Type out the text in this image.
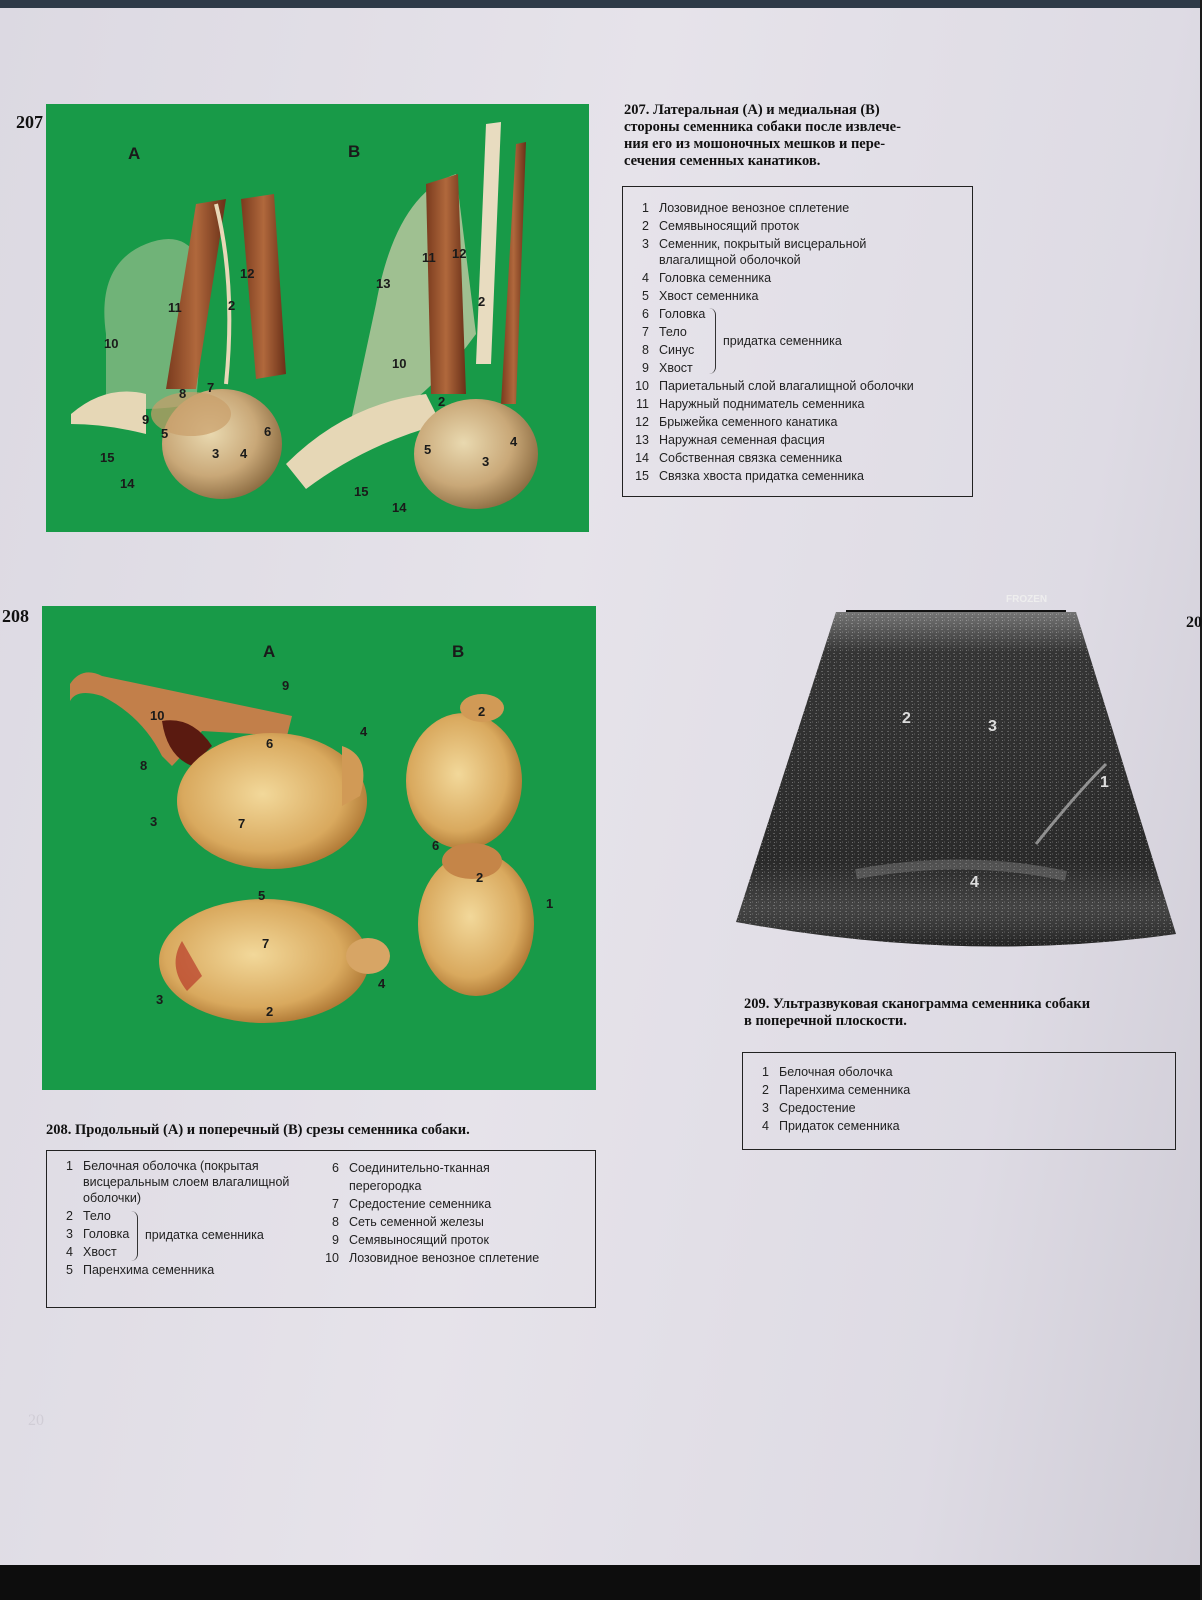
207
A	B
10
11	2
12
8 7
9
5	6
3 4
15
14
13
11 12
2
10
2
5
3
4
15
14
207. Латеральная (А) и медиальная (В)
стороны семенника собаки после извлече-
ния его из мошоночных мешков и пере-
сечения семенных канатиков.
1 Лозовидное венозное сплетение
2 Семявыносящий проток
3 Семенник, покрытый висцеральной
влагалищной оболочкой
4 Головка семенника
5 Хвост семенника
6 Головка
7 Тело
8 Синус
9 Хвост
придатка семенника
10 Париетальный слой влагалищной оболочки
11 Наружный подниматель семенника
12 Брыжейка семенного канатика
13 Наружная семенная фасция
14 Собственная связка семенника
15 Связка хвоста придатка семенника
208
A	B
9
10
4
6
8
3	7
5
7
3
2
4
2
6
2
1
208. Продольный (А) и поперечный (В) срезы семенника собаки.
1 Белочная оболочка (покрытая
висцеральным слоем влагалищной
оболочки)
2 Тело
3 Головка
4 Хвост
придатка семенника
5 Паренхима семенника
6 Соединительно-тканная
перегородка
7 Средостение семенника
8 Сеть семенной железы
9 Семявыносящий проток
10 Лозовидное венозное сплетение
FROZEN
2	3
1
4
20
209. Ультразвуковая сканограмма семенника собаки
в поперечной плоскости.
1 Белочная оболочка
2 Паренхима семенника
3 Средостение
4 Придаток семенника
20
